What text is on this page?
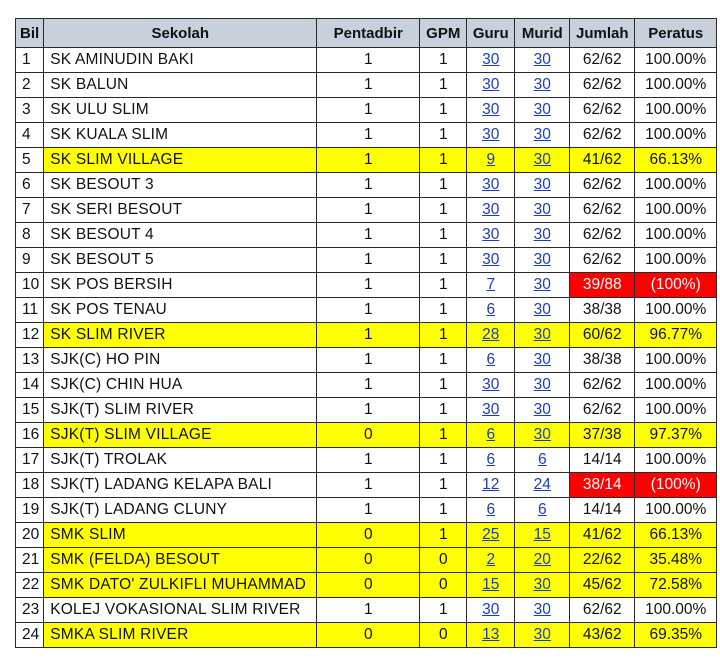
Bil	Sekolah	Pentadbir	GPM	Guru	Murid	Jumlah	Peratus
1	SK AMINUDIN BAKI	1	1	30	30	62/62	100.00%
2	SK BALUN	1	1	30	30	62/62	100.00%
3	SK ULU SLIM	1	1	30	30	62/62	100.00%
4	SK KUALA SLIM	1	1	30	30	62/62	100.00%
5	SK SLIM VILLAGE	1	1	9	30	41/62	66.13%
6	SK BESOUT 3	1	1	30	30	62/62	100.00%
7	SK SERI BESOUT	1	1	30	30	62/62	100.00%
8	SK BESOUT 4	1	1	30	30	62/62	100.00%
9	SK BESOUT 5	1	1	30	30	62/62	100.00%
10	SK POS BERSIH	1	1	7	30	39/88	(100%)
11	SK POS TENAU	1	1	6	30	38/38	100.00%
12	SK SLIM RIVER	1	1	28	30	60/62	96.77%
13	SJK(C) HO PIN	1	1	6	30	38/38	100.00%
14	SJK(C) CHIN HUA	1	1	30	30	62/62	100.00%
15	SJK(T) SLIM RIVER	1	1	30	30	62/62	100.00%
16	SJK(T) SLIM VILLAGE	0	1	6	30	37/38	97.37%
17	SJK(T) TROLAK	1	1	6	6	14/14	100.00%
18	SJK(T) LADANG KELAPA BALI	1	1	12	24	38/14	(100%)
19	SJK(T) LADANG CLUNY	1	1	6	6	14/14	100.00%
20	SMK SLIM	0	1	25	15	41/62	66.13%
21	SMK (FELDA) BESOUT	0	0	2	20	22/62	35.48%
22	SMK DATO' ZULKIFLI MUHAMMAD	0	0	15	30	45/62	72.58%
23	KOLEJ VOKASIONAL SLIM RIVER	1	1	30	30	62/62	100.00%
24	SMKA SLIM RIVER	0	0	13	30	43/62	69.35%
